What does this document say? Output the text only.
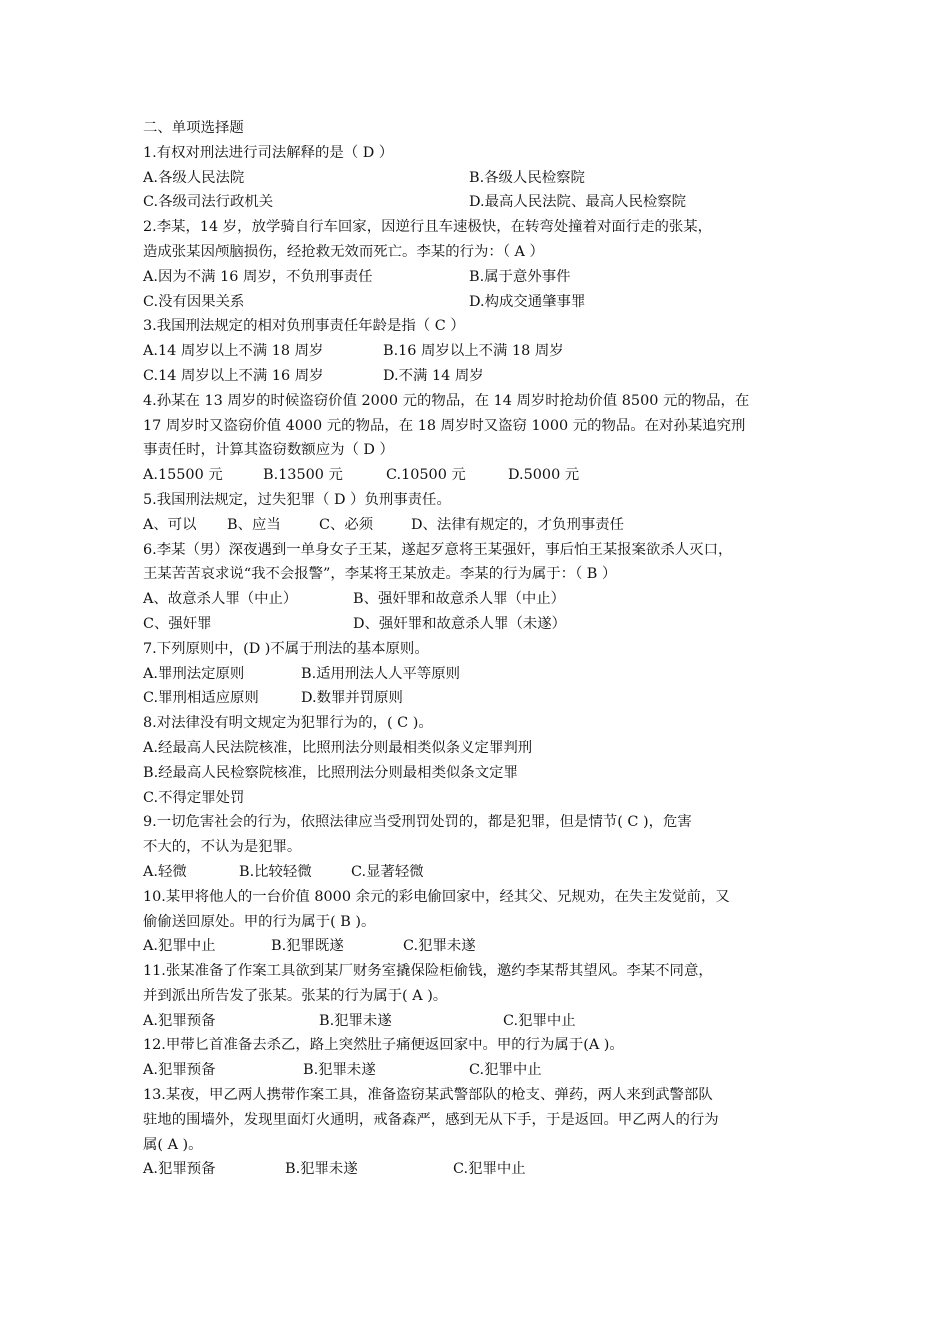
二、单项选择题
1.有权对刑法进行司法解释的是（ D ）
A.各级人民法院	B.各级人民检察院
C.各级司法行政机关	D.最高人民法院、最高人民检察院
2.李某，14 岁，放学骑自行车回家，因逆行且车速极快，在转弯处撞着对面行走的张某，
造成张某因颅脑损伤，经抢救无效而死亡。李某的行为：（ A ）
A.因为不满 16 周岁，不负刑事责任	B.属于意外事件
C.没有因果关系	D.构成交通肇事罪
3.我国刑法规定的相对负刑事责任年龄是指（ C ）
A.14 周岁以上不满 18 周岁	B.16 周岁以上不满 18 周岁
C.14 周岁以上不满 16 周岁	D.不满 14 周岁
4.孙某在 13 周岁的时候盗窃价值 2000 元的物品，在 14 周岁时抢劫价值 8500 元的物品，在
17 周岁时又盗窃价值 4000 元的物品，在 18 周岁时又盗窃 1000 元的物品。在对孙某追究刑
事责任时，计算其盗窃数额应为（ D ）
A.15500 元	B.13500 元	C.10500 元	D.5000 元
5.我国刑法规定，过失犯罪（ D ）负刑事责任。
A、可以 B、应当	C、必须	D、法律有规定的，才负刑事责任
6.李某（男）深夜遇到一单身女子王某，遂起歹意将王某强奸，事后怕王某报案欲杀人灭口，
王某苦苦哀求说“我不会报警”，李某将王某放走。李某的行为属于：（ B ）
A、故意杀人罪（中止）	B、强奸罪和故意杀人罪（中止）
C、强奸罪	D、强奸罪和故意杀人罪（未遂）
7.下列原则中，(D )不属于刑法的基本原则。
A.罪刑法定原则	B.适用刑法人人平等原则
C.罪刑相适应原则	D.数罪并罚原则
8.对法律没有明文规定为犯罪行为的，( C )。
A.经最高人民法院核准，比照刑法分则最相类似条义定罪判刑
B.经最高人民检察院核准，比照刑法分则最相类似条文定罪
C.不得定罪处罚
9.一切危害社会的行为，依照法律应当受刑罚处罚的，都是犯罪，但是情节( C )，危害
不大的，不认为是犯罪。
A.轻微	B.比较轻微	C.显著轻微
10.某甲将他人的一台价值 8000 余元的彩电偷回家中，经其父、兄规劝，在失主发觉前，又
偷偷送回原处。甲的行为属于( B )。
A.犯罪中止	B.犯罪既遂	C.犯罪未遂
11.张某准备了作案工具欲到某厂财务室撬保险柜偷钱，邀约李某帮其望风。李某不同意，
并到派出所告发了张某。张某的行为属于( A )。
A.犯罪预备	B.犯罪未遂	C.犯罪中止
12.甲带匕首准备去杀乙，路上突然肚子痛便返回家中。甲的行为属于(A )。
A.犯罪预备	B.犯罪未遂	C.犯罪中止
13.某夜，甲乙两人携带作案工具，准备盗窃某武警部队的枪支、弹药，两人来到武警部队
驻地的围墙外，发现里面灯火通明，戒备森严，感到无从下手，于是返回。甲乙两人的行为
属( A )。
A.犯罪预备	B.犯罪未遂	C.犯罪中止
